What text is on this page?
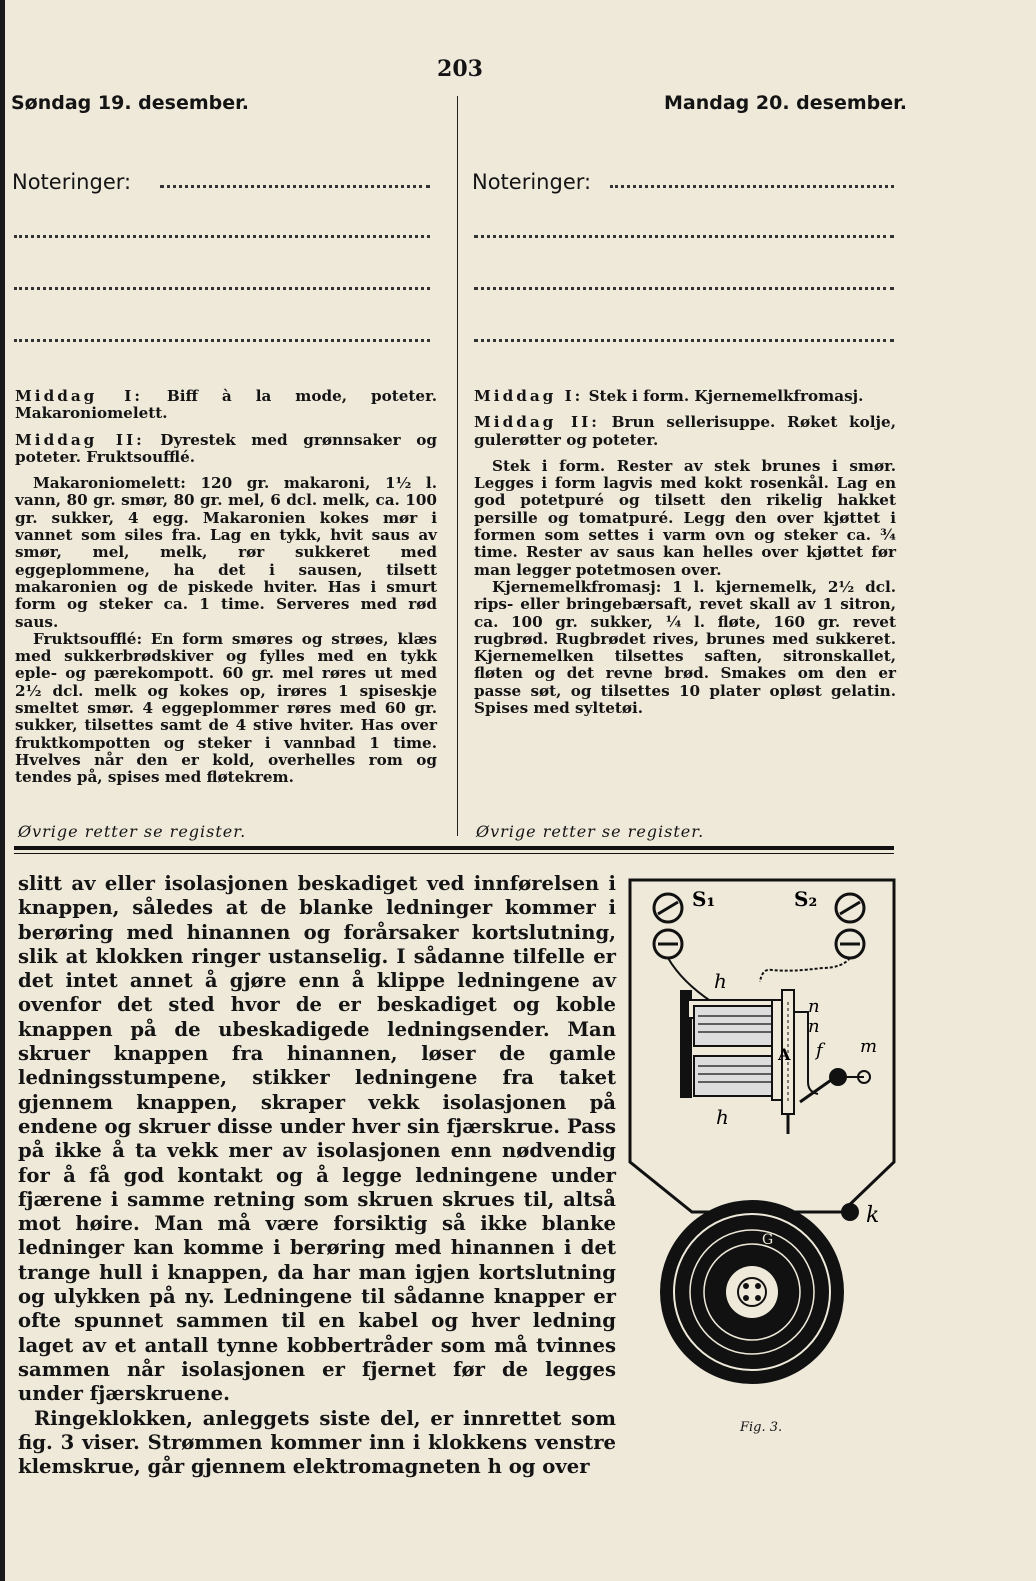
203
Søndag 19. desember.
Noteringer:

Middag I: Biff à la mode, poteter. Makaroniomelett.

Middag II: Dyrestek med grønnsaker og poteter. Fruktsoufflé.

Makaroniomelett: 120 gr. makaroni, 1½ l. vann, 80 gr. smør, 80 gr. mel, 6 dcl. melk, ca. 100 gr. sukker, 4 egg. Makaronien kokes mør i vannet som siles fra. Lag en tykk, hvit saus av smør, mel, melk, rør sukkeret med eggeplommene, ha det i sausen, tilsett makaronien og de piskede hviter. Has i smurt form og steker ca. 1 time. Serveres med rød saus.

Fruktsoufflé: En form smøres og strøes, klæs med sukkerbrødskiver og fylles med en tykk eple- og pærekompott. 60 gr. mel røres ut med 2½ dcl. melk og kokes op, irøres 1 spiseskje smeltet smør. 4 eggeplommer røres med 60 gr. sukker, tilsettes samt de 4 stive hviter. Has over fruktkompotten og steker i vannbad 1 time. Hvelves når den er kold, overhelles rom og tendes på, spises med fløtekrem.

Øvrige retter se register.
Mandag 20. desember.
Noteringer:

Middag I: Stek i form. Kjernemelkfromasj.

Middag II: Brun sellerisuppe. Røket kolje, gulerøtter og poteter.

Stek i form. Rester av stek brunes i smør. Legges i form lagvis med kokt rosenkål. Lag en god potetpuré og tilsett den rikelig hakket persille og tomatpuré. Legg den over kjøttet i formen som settes i varm ovn og steker ca. ¾ time. Rester av saus kan helles over kjøttet før man legger potetmosen over.

Kjernemelkfromasj: 1 l. kjernemelk, 2½ dcl. rips- eller bringebærsaft, revet skall av 1 sitron, ca. 100 gr. sukker, ¼ l. fløte, 160 gr. revet rugbrød. Rugbrødet rives, brunes med sukkeret. Kjernemelken tilsettes saften, sitronskallet, fløten og det revne brød. Smakes om den er passe søt, og tilsettes 10 plater opløst gelatin. Spises med syltetøi.

Øvrige retter se register.

slitt av eller isolasjonen beskadiget ved innførelsen i knappen, således at de blanke ledninger kommer i berøring med hinannen og forårsaker kortslutning, slik at klokken ringer ustanselig. I sådanne tilfelle er det intet annet å gjøre enn å klippe ledningene av ovenfor det sted hvor de er beskadiget og koble knappen på de ubeskadigede ledningsender. Man skruer knappen fra hinannen, løser de gamle ledningsstumpene, stikker ledningene fra taket gjennem knappen, skraper vekk isolasjonen på endene og skruer disse under hver sin fjærskrue. Pass på ikke å ta vekk mer av isolasjonen enn nødvendig for å få god kontakt og å legge ledningene under fjærene i samme retning som skruen skrues til, altså mot høire. Man må være forsiktig så ikke blanke ledninger kan komme i berøring med hinannen i det trange hull i knappen, da har man igjen kortslutning og ulykken på ny. Ledningene til sådanne knapper er ofte spunnet sammen til en kabel og hver ledning laget av et antall tynne kobbertråder som må tvinnes sammen når isolasjonen er fjernet før de legges under fjærskruene.

Ringeklokken, anleggets siste del, er innrettet som fig. 3 viser. Strømmen kommer inn i klokkens venstre klemskrue, går gjennem elektromagneten h og over

S₁	S₂
h
h
n
n
f m
A
k
G
Fig. 3.
